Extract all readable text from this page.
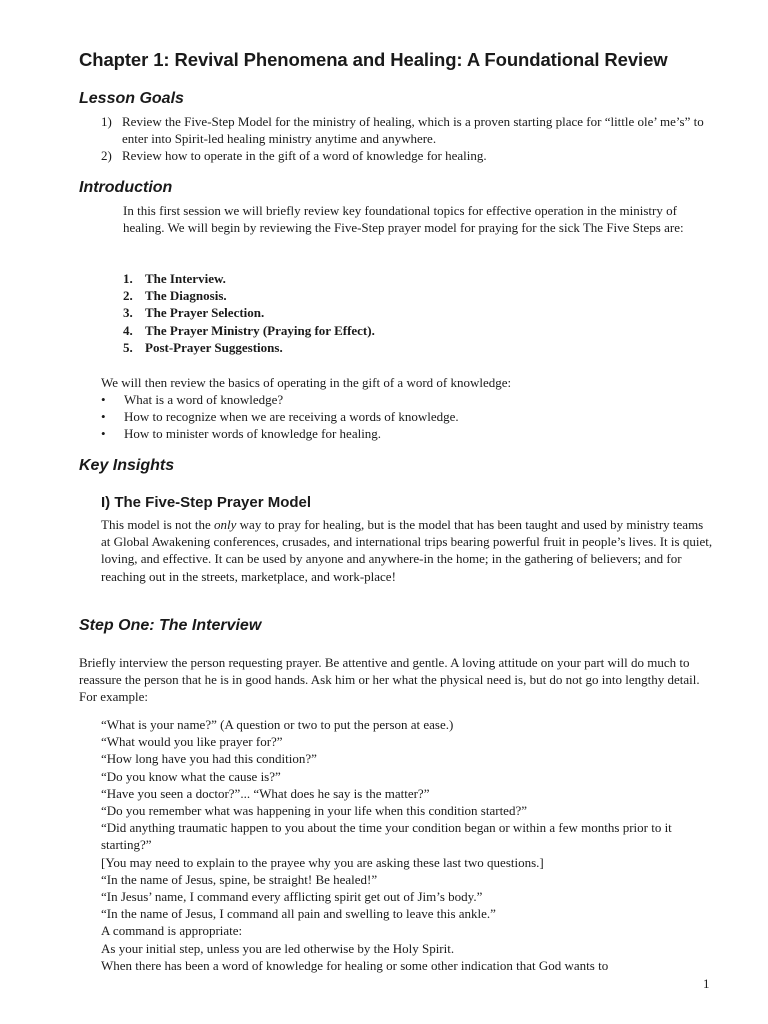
Chapter 1: Revival Phenomena and Healing: A Foundational Review
Lesson Goals
1) Review the Five-Step Model for the ministry of healing, which is a proven starting place for “little ole’ me’s” to enter into Spirit-led healing ministry anytime and anywhere.
2) Review how to operate in the gift of a word of knowledge for healing.
Introduction

In this first session we will briefly review key foundational topics for effective operation in the ministry of healing. We will begin by reviewing the Five-Step prayer model for praying for the sick The Five Steps are:

1. The Interview.
2. The Diagnosis.
3. The Prayer Selection.
4. The Prayer Ministry (Praying for Effect).
5. Post-Prayer Suggestions.

We will then review the basics of operating in the gift of a word of knowledge:

• What is a word of knowledge?
• How to recognize when we are receiving a words of knowledge.
• How to minister words of knowledge for healing.
Key Insights
I) The Five-Step Prayer Model

This model is not the only way to pray for healing, but is the model that has been taught and used by ministry teams at Global Awakening conferences, crusades, and international trips bearing powerful fruit in people’s lives. It is quiet, loving, and effective. It can be used by anyone and anywhere-in the home; in the gathering of believers; and for reaching out in the streets, marketplace, and work-place!

Step One: The Interview

Briefly interview the person requesting prayer. Be attentive and gentle. A loving attitude on your part will do much to reassure the person that he is in good hands. Ask him or her what the physical need is, but do not go into lengthy detail. For example:

“What is your name?” (A question or two to put the person at ease.)

“What would you like prayer for?”

“How long have you had this condition?”

“Do you know what the cause is?”

“Have you seen a doctor?”... “What does he say is the matter?”

“Do you remember what was happening in your life when this condition started?”

“Did anything traumatic happen to you about the time your condition began or within a few months prior to it starting?”

[You may need to explain to the prayee why you are asking these last two questions.]

“In the name of Jesus, spine, be straight! Be healed!”

“In Jesus’ name, I command every afflicting spirit get out of Jim’s body.”

“In the name of Jesus, I command all pain and swelling to leave this ankle.”

A command is appropriate:

As your initial step, unless you are led otherwise by the Holy Spirit.

When there has been a word of knowledge for healing or some other indication that God wants to

1
